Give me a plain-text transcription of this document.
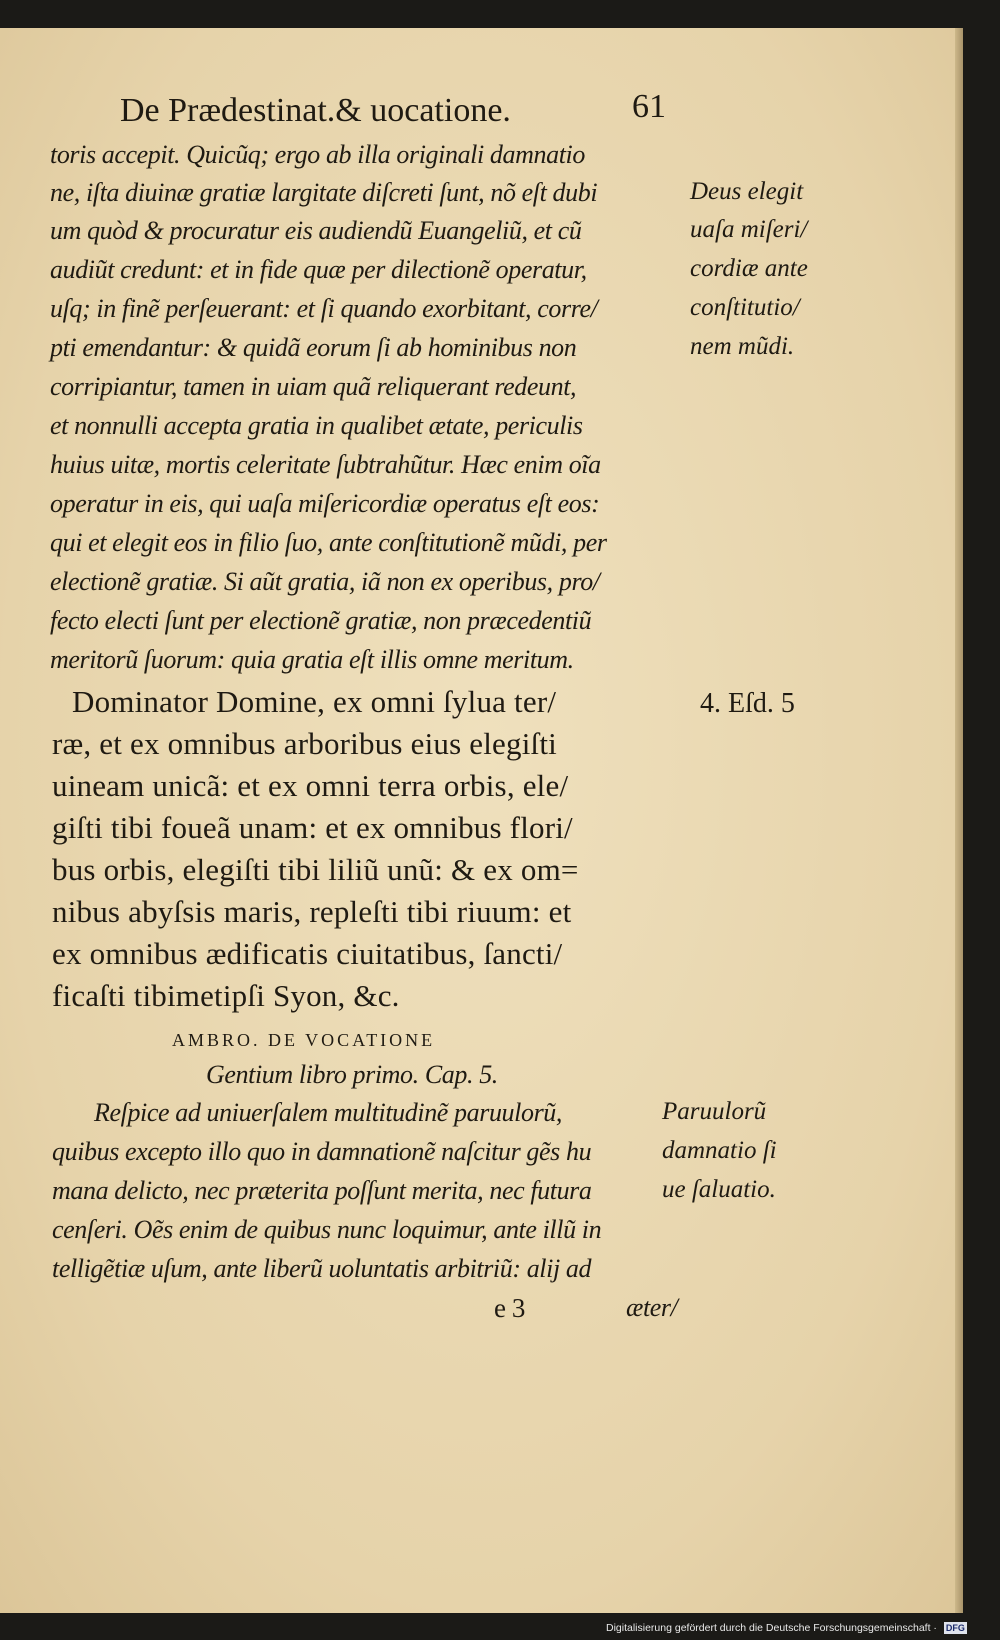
De Prædestinat.& uocatione.	61
toris accepit. Quicũq; ergo ab illa originali damnatio
ne, iſta diuinæ gratiæ largitate diſcreti ſunt, nõ eſt dubi
um quòd & procuratur eis audiendũ Euangeliũ, et cũ
audiũt credunt: et in fide quæ per dilectionẽ operatur,
uſq; in finẽ perſeuerant: et ſi quando exorbitant, corre/
pti emendantur: & quidã eorum ſi ab hominibus non
corripiantur, tamen in uiam quã reliquerant redeunt,
et nonnulli accepta gratia in qualibet ætate, periculis
huius uitæ, mortis celeritate ſubtrahũtur. Hæc enim oĩa
operatur in eis, qui uaſa miſericordiæ operatus eſt eos:
qui et elegit eos in filio ſuo, ante conſtitutionẽ mũdi, per
electionẽ gratiæ. Si aũt gratia, iã non ex operibus, pro/
fecto electi ſunt per electionẽ gratiæ, non præcedentiũ
meritorũ ſuorum: quia gratia eſt illis omne meritum.
Dominator Domine, ex omni ſylua ter/
ræ, et ex omnibus arboribus eius elegiſti
uineam unicã: et ex omni terra orbis, ele/
giſti tibi foueã unam: et ex omnibus flori/
bus orbis, elegiſti tibi liliũ unũ: & ex om=
nibus abyſsis maris, repleſti tibi riuum: et
ex omnibus ædificatis ciuitatibus, ſancti/
ficaſti tibimetipſi Syon, &c.
AMBRO. DE VOCATIONE
Gentium libro primo. Cap. 5.
Reſpice ad uniuerſalem multitudinẽ paruulorũ,
quibus excepto illo quo in damnationẽ naſcitur gẽs hu
mana delicto, nec præterita poſſunt merita, nec futura
cenſeri. Oẽs enim de quibus nunc loquimur, ante illũ in
telligẽtiæ uſum, ante liberũ uoluntatis arbitriũ: alij ad
Deus elegit
uaſa miſeri/
cordiæ ante
conſtitutio/
nem mũdi.
4. Eſd. 5
Paruulorũ
damnatio ſi
ue ſaluatio.
e 3	æter/
Digitalisierung gefördert durch die Deutsche Forschungsgemeinschaft · DFG
